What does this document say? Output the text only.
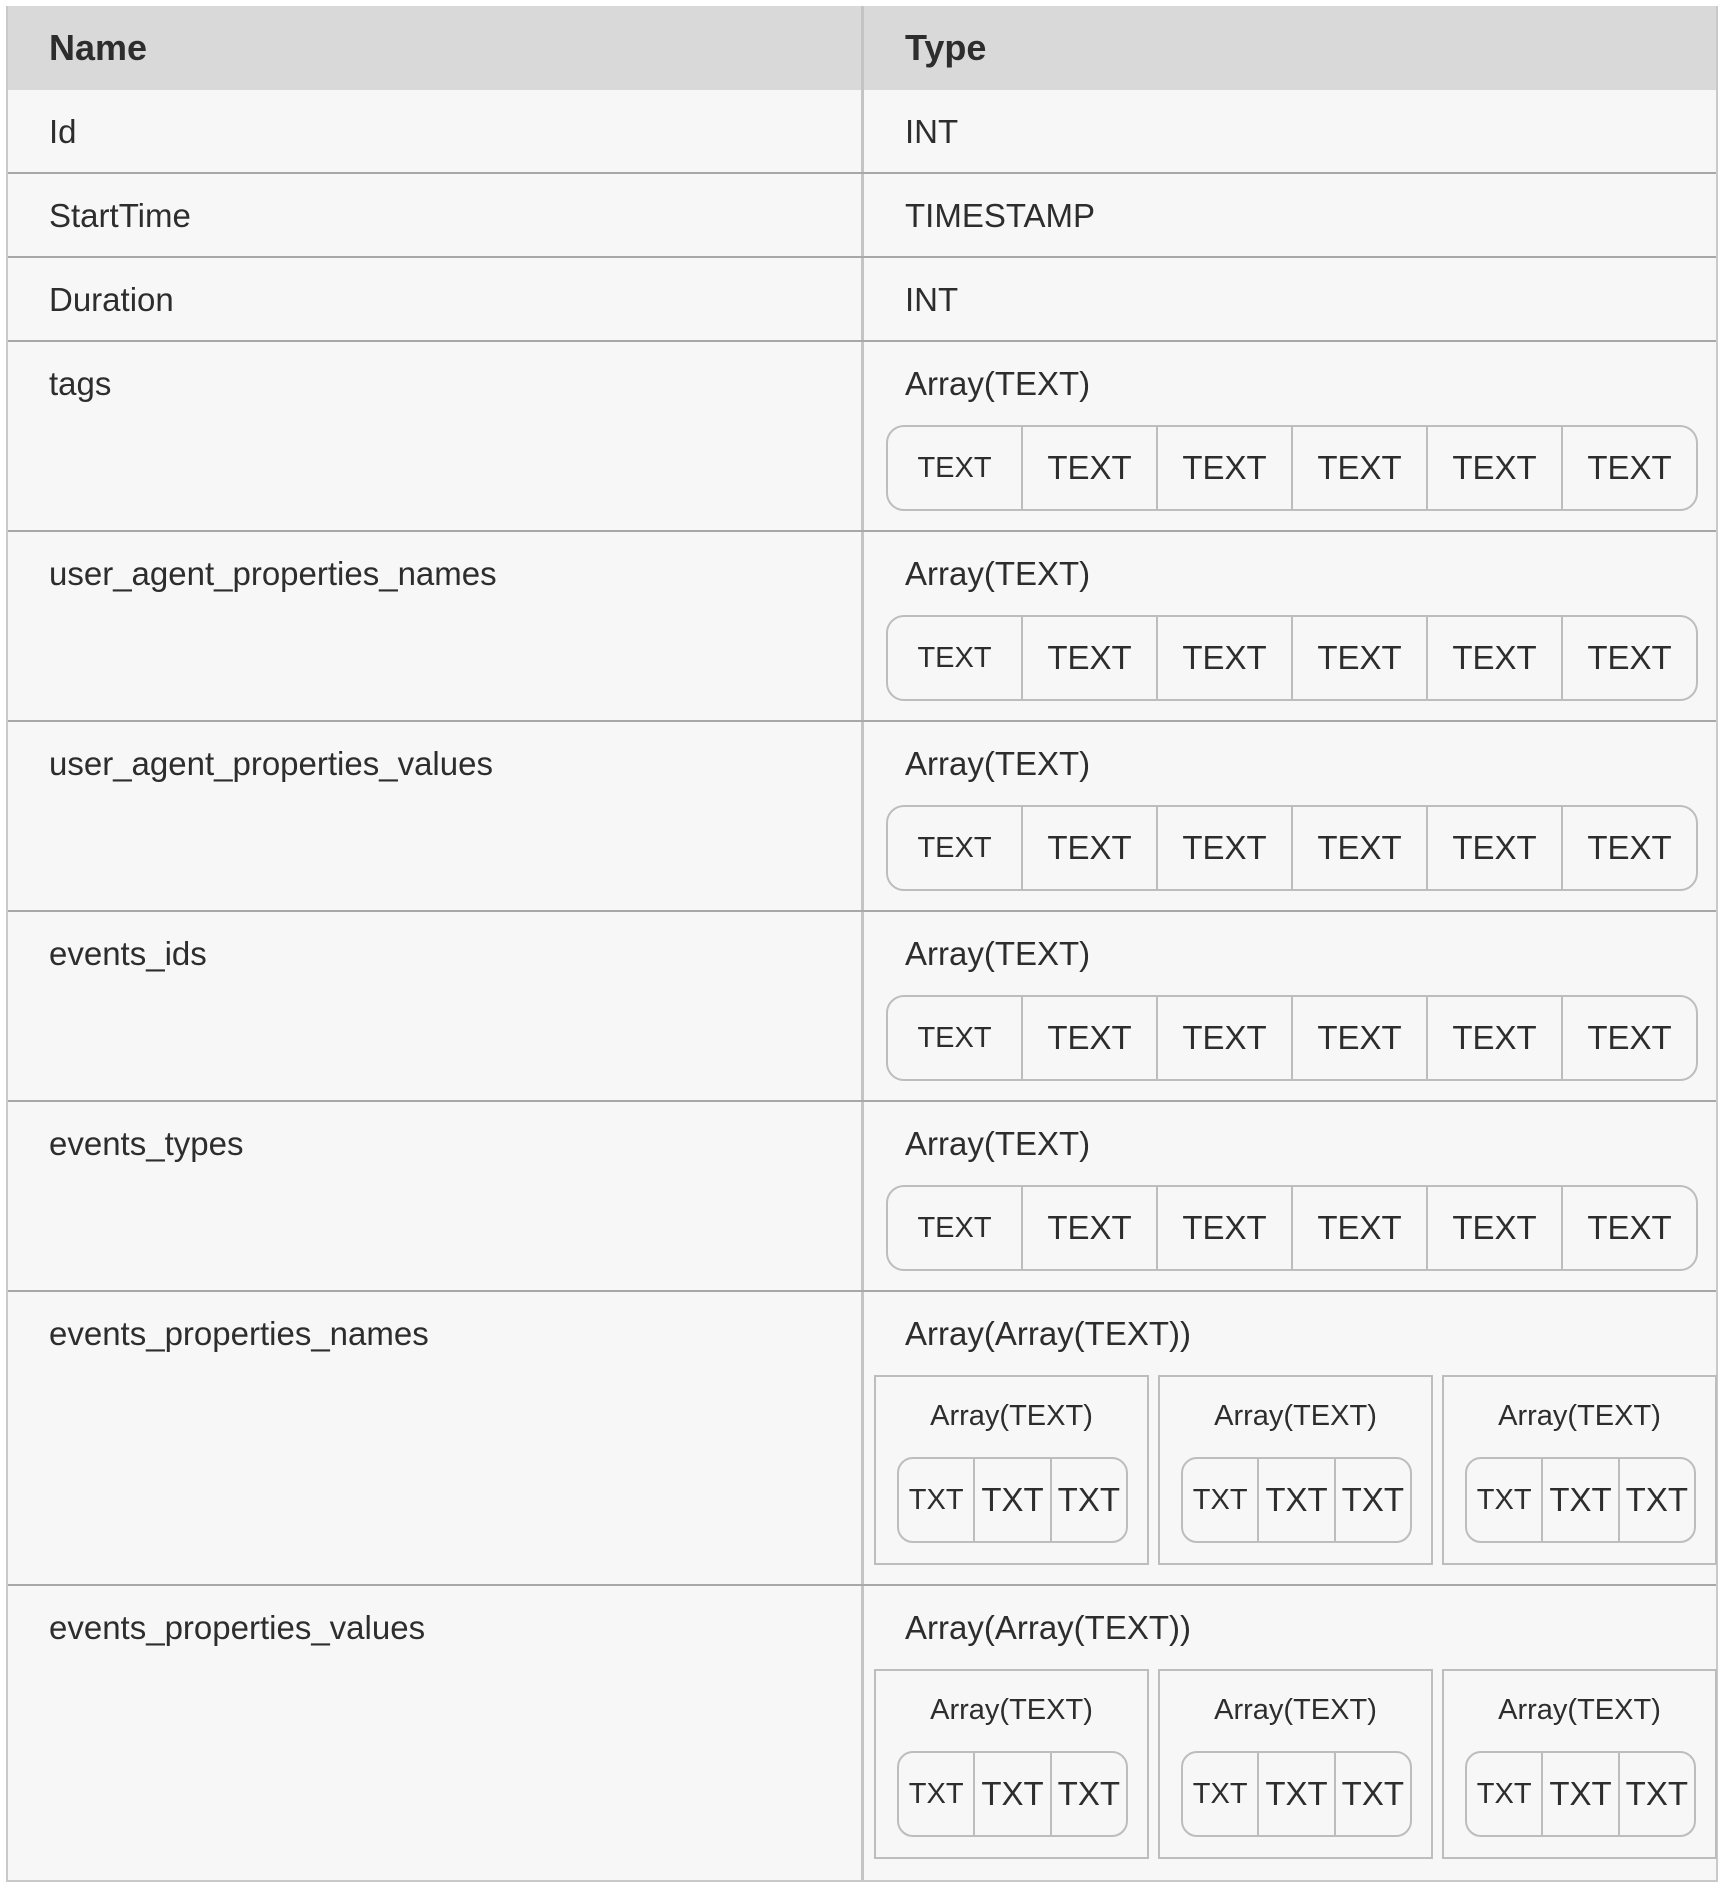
Name	Type
Id	INT
StartTime	TIMESTAMP
Duration	INT
tags	Array(TEXT)
TEXT	TEXT	TEXT	TEXT	TEXT	TEXT
user_agent_properties_names	Array(TEXT)
TEXT	TEXT	TEXT	TEXT	TEXT	TEXT
user_agent_properties_values	Array(TEXT)
TEXT	TEXT	TEXT	TEXT	TEXT	TEXT
events_ids	Array(TEXT)
TEXT	TEXT	TEXT	TEXT	TEXT	TEXT
events_types	Array(TEXT)
TEXT	TEXT	TEXT	TEXT	TEXT	TEXT
events_properties_names	Array(Array(TEXT))
Array(TEXT)
TXT TXT TXT
Array(TEXT)
TXT TXT TXT
Array(TEXT)
TXT TXT TXT
events_properties_values	Array(Array(TEXT))
Array(TEXT)
TXT TXT TXT
Array(TEXT)
TXT TXT TXT
Array(TEXT)
TXT TXT TXT
